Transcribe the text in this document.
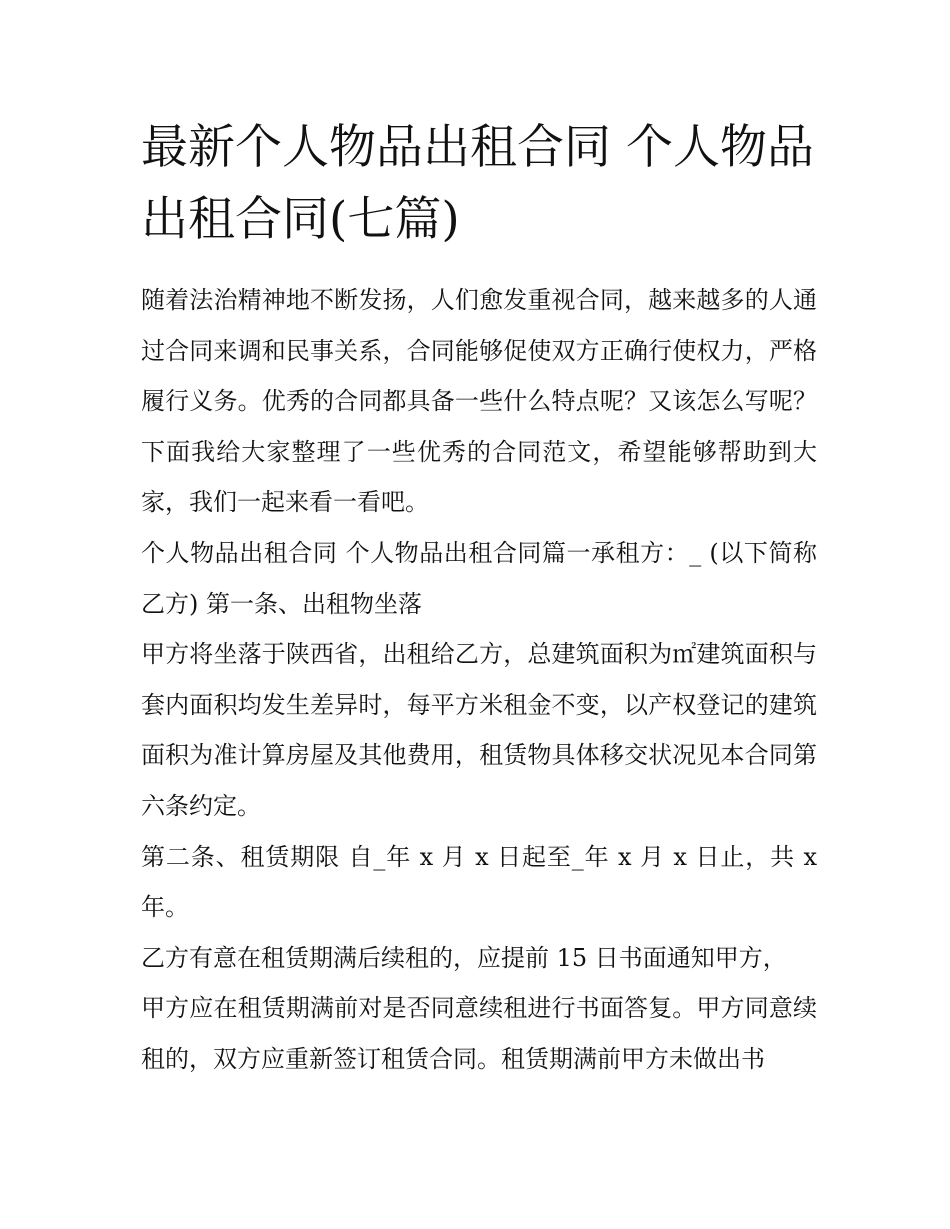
最新个人物品出租合同 个人物品出租合同(七篇)

随着法治精神地不断发扬，人们愈发重视合同，越来越多的人通过合同来调和民事关系，合同能够促使双方正确行使权力，严格履行义务。优秀的合同都具备一些什么特点呢？又该怎么写呢？下面我给大家整理了一些优秀的合同范文，希望能够帮助到大家，我们一起来看一看吧。

个人物品出租合同 个人物品出租合同篇一承租方：_ (以下简称乙方) 第一条、出租物坐落

甲方将坐落于陕西省，出租给乙方，总建筑面积为㎡建筑面积与套内面积均发生差异时，每平方米租金不变，以产权登记的建筑面积为准计算房屋及其他费用，租赁物具体移交状况见本合同第六条约定。

第二条、租赁期限 自_年 x 月 x 日起至_年 x 月 x 日止，共 x 年。

乙方有意在租赁期满后续租的，应提前 15 日书面通知甲方，

甲方应在租赁期满前对是否同意续租进行书面答复。甲方同意续租的，双方应重新签订租赁合同。租赁期满前甲方未做出书
